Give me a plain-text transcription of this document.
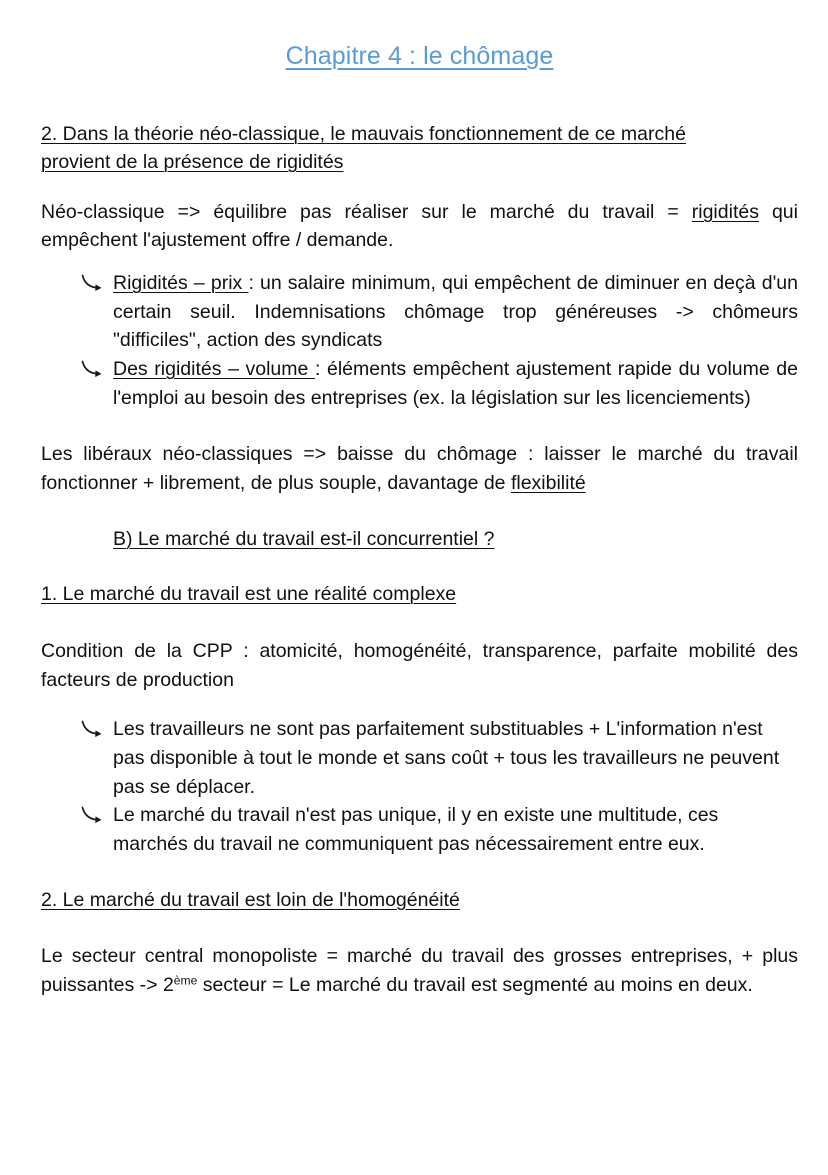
Chapitre 4 : le chômage
2. Dans la théorie néo-classique, le mauvais fonctionnement de ce marché
provient de la présence de rigidités

Néo-classique => équilibre pas réaliser sur le marché du travail = rigidités qui empêchent l'ajustement offre / demande.

Rigidités – prix : un salaire minimum, qui empêchent de diminuer en deçà d'un certain seuil. Indemnisations chômage trop généreuses -> chômeurs "difficiles", action des syndicats
Des rigidités – volume : éléments empêchent ajustement rapide du volume de l'emploi au besoin des entreprises (ex. la législation sur les licenciements)

Les libéraux néo-classiques => baisse du chômage : laisser le marché du travail fonctionner + librement, de plus souple, davantage de flexibilité

B) Le marché du travail est-il concurrentiel ?
1. Le marché du travail est une réalité complexe

Condition de la CPP : atomicité, homogénéité, transparence, parfaite mobilité des facteurs de production

Les travailleurs ne sont pas parfaitement substituables + L'information n'est pas disponible à tout le monde et sans coût + tous les travailleurs ne peuvent pas se déplacer.
Le marché du travail n'est pas unique, il y en existe une multitude, ces marchés du travail ne communiquent pas nécessairement entre eux.
2. Le marché du travail est loin de l'homogénéité

Le secteur central monopoliste = marché du travail des grosses entreprises, + plus puissantes -> 2ème secteur = Le marché du travail est segmenté au moins en deux.
